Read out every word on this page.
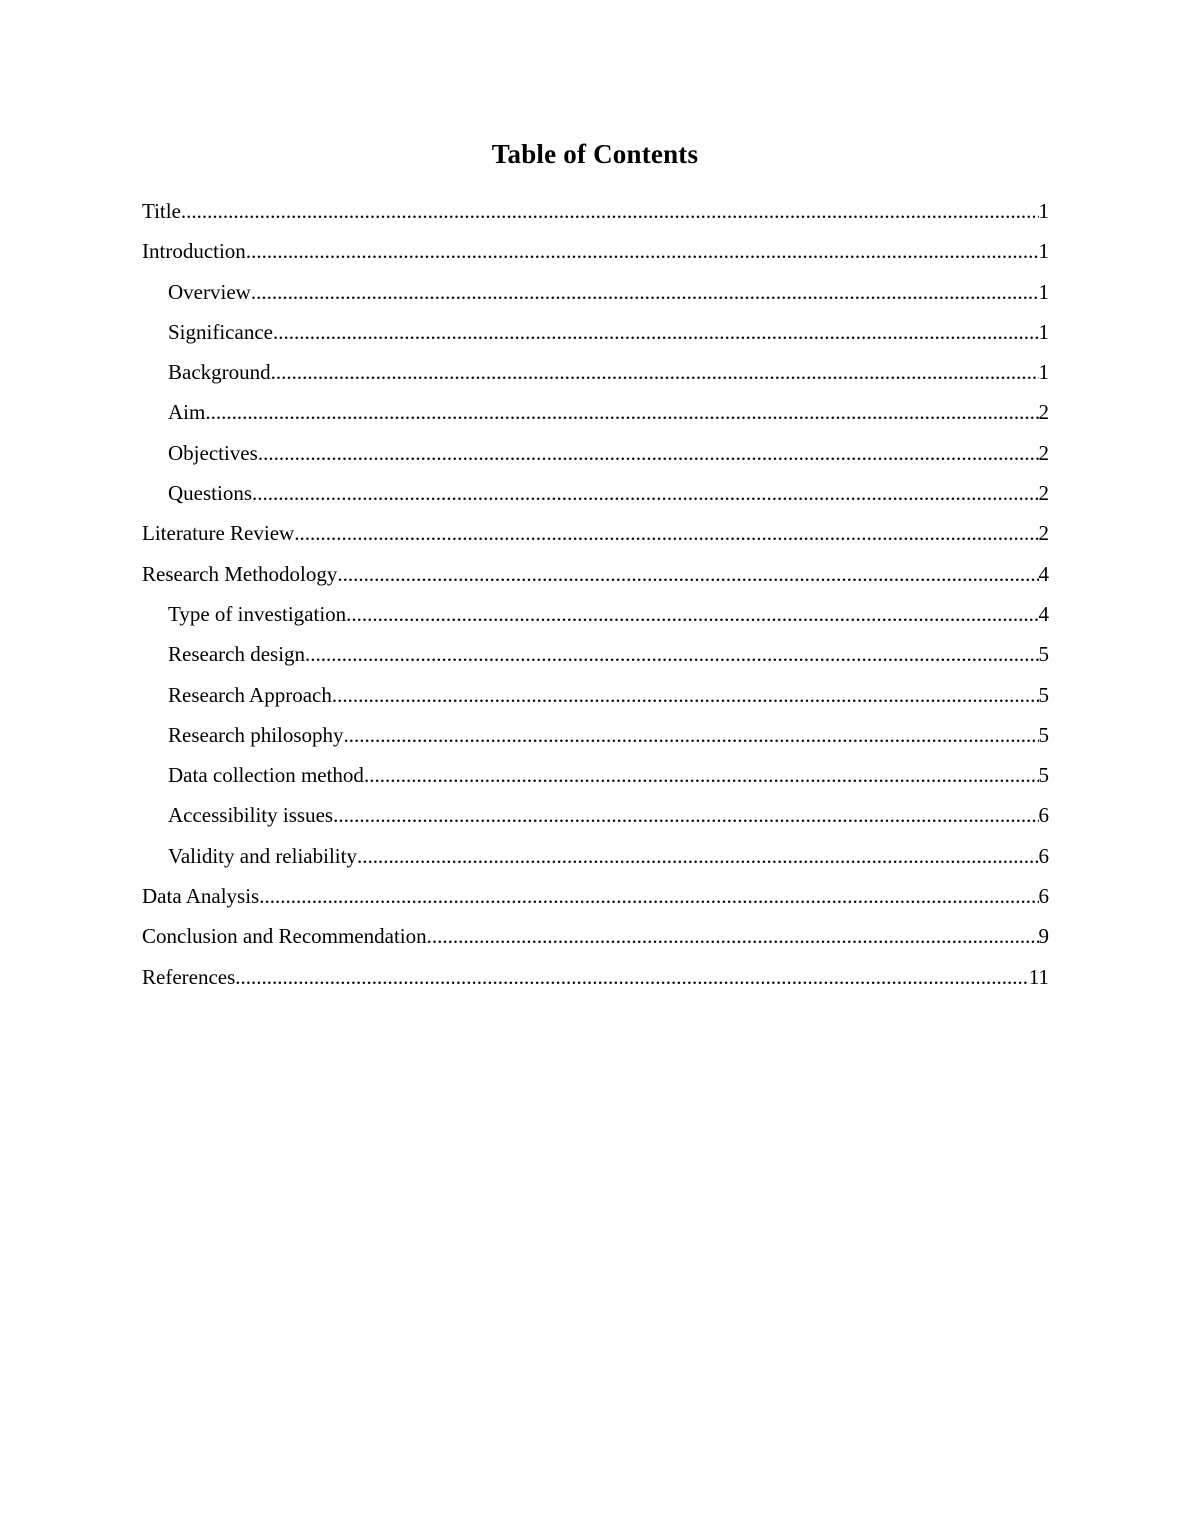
Table of Contents
Title .....	1
Introduction .....	1
Overview .....	1
Significance .....	1
Background .....	1
Aim .....	2
Objectives .....	2
Questions .....	2
Literature Review .....	2
Research Methodology .....	4
Type of investigation .....	4
Research design .....	5
Research Approach .....	5
Research philosophy .....	5
Data collection method .....	5
Accessibility issues .....	6
Validity and reliability .....	6
Data Analysis .....	6
Conclusion and Recommendation .....	9
References .....	11
